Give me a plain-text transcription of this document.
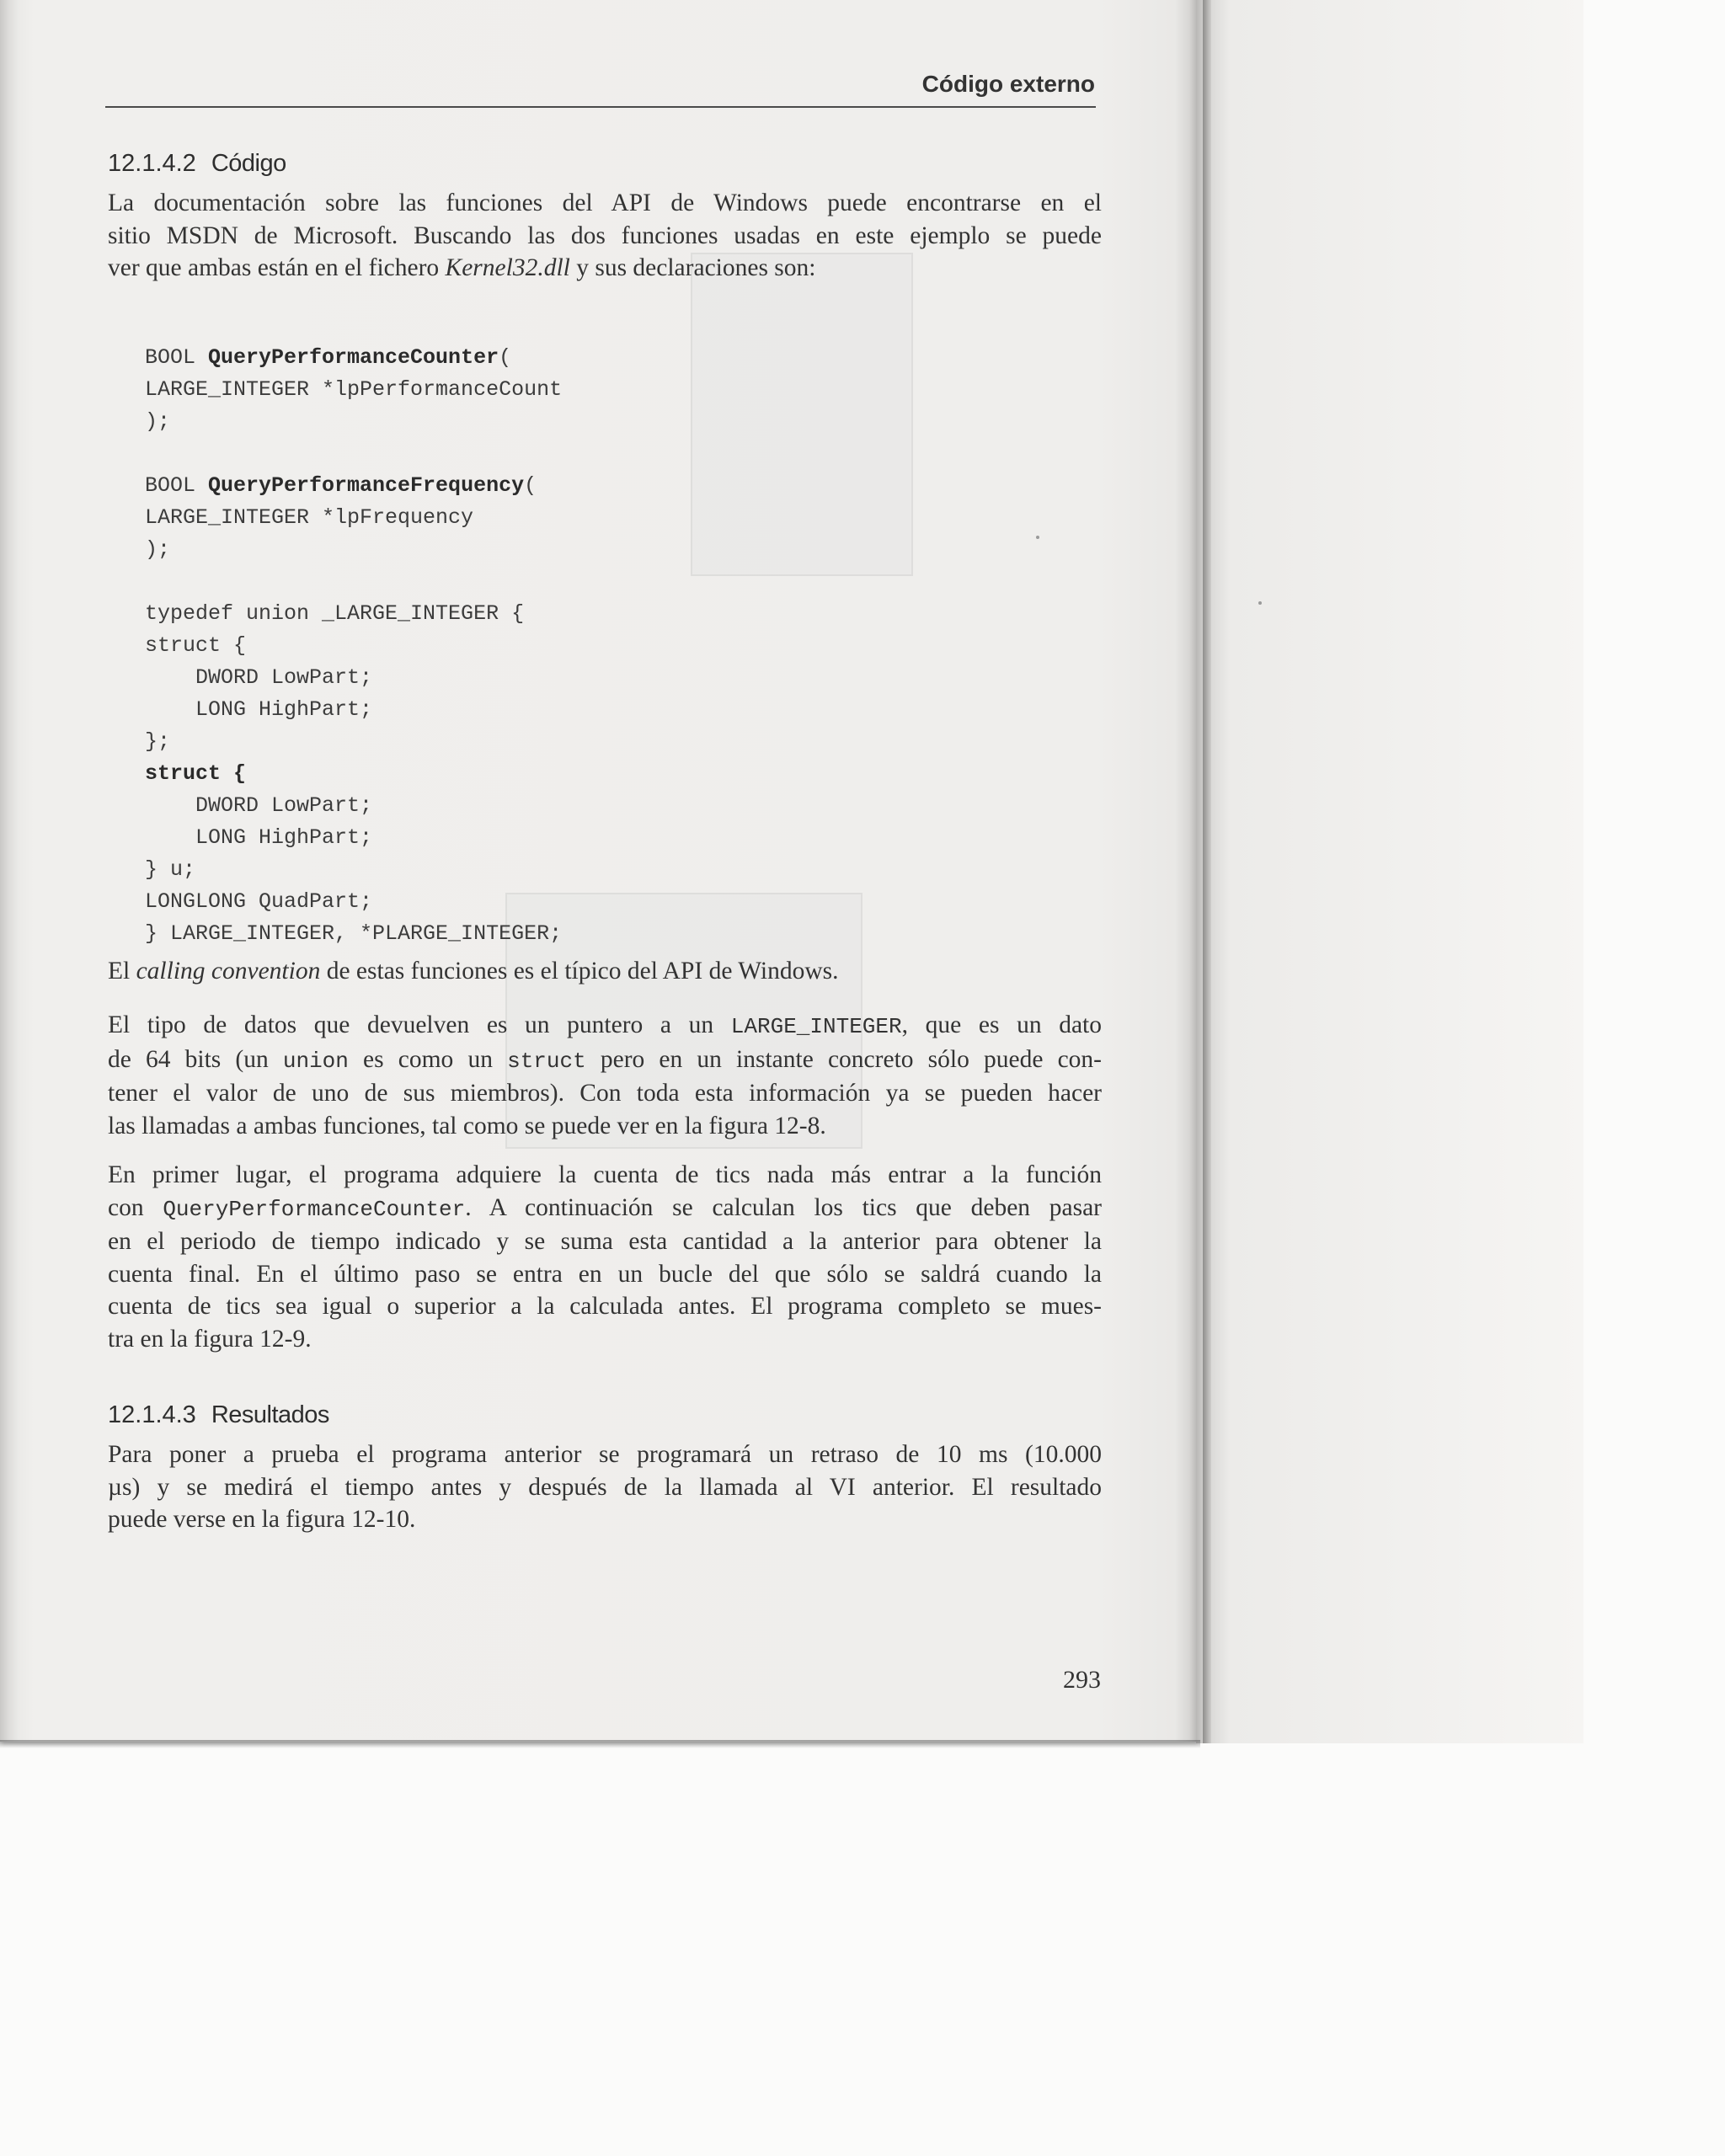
Código externo
12.1.4.2 Código
La documentación sobre las funciones del API de Windows puede encontrarse en el
sitio MSDN de Microsoft. Buscando las dos funciones usadas en este ejemplo se puede
ver que ambas están en el fichero Kernel32.dll y sus declaraciones son:

BOOL QueryPerformanceCounter(
LARGE_INTEGER *lpPerformanceCount
);

BOOL QueryPerformanceFrequency(
LARGE_INTEGER *lpFrequency
);

typedef union _LARGE_INTEGER {
struct {
DWORD LowPart;
LONG HighPart;
};
struct {
DWORD LowPart;
LONG HighPart;
} u;
LONGLONG QuadPart;
} LARGE_INTEGER, *PLARGE_INTEGER;

El calling convention de estas funciones es el típico del API de Windows.
El tipo de datos que devuelven es un puntero a un LARGE_INTEGER, que es un dato
de 64 bits (un union es como un struct pero en un instante concreto sólo puede con-
tener el valor de uno de sus miembros). Con toda esta información ya se pueden hacer
las llamadas a ambas funciones, tal como se puede ver en la figura 12-8.
En primer lugar, el programa adquiere la cuenta de tics nada más entrar a la función
con QueryPerformanceCounter. A continuación se calculan los tics que deben pasar
en el periodo de tiempo indicado y se suma esta cantidad a la anterior para obtener la
cuenta final. En el último paso se entra en un bucle del que sólo se saldrá cuando la
cuenta de tics sea igual o superior a la calculada antes. El programa completo se mues-
tra en la figura 12-9.
12.1.4.3 Resultados
Para poner a prueba el programa anterior se programará un retraso de 10 ms (10.000
µs) y se medirá el tiempo antes y después de la llamada al VI anterior. El resultado
puede verse en la figura 12-10.
293
